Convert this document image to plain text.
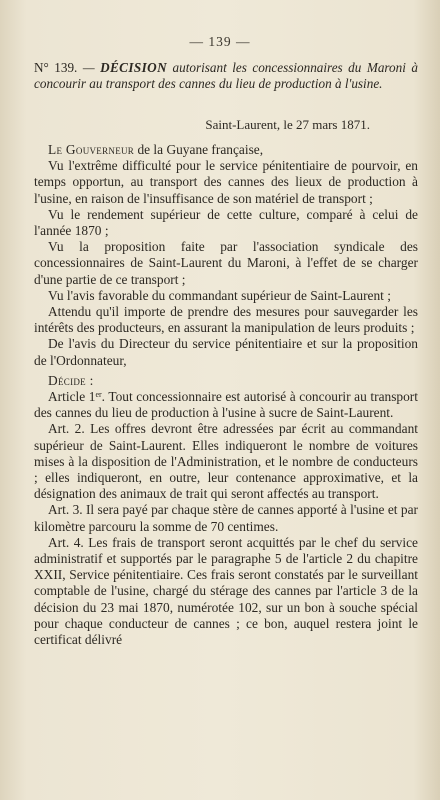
— 139 —
N° 139. — DÉCISION autorisant les concessionnaires du Maroni à concourir au transport des cannes du lieu de production à l'usine.
Saint-Laurent, le 27 mars 1871.

Le Gouverneur de la Guyane française,

Vu l'extrême difficulté pour le service pénitentiaire de pourvoir, en temps opportun, au transport des cannes des lieux de production à l'usine, en raison de l'insuffisance de son matériel de transport ;

Vu le rendement supérieur de cette culture, comparé à celui de l'année 1870 ;

Vu la proposition faite par l'association syndicale des concessionnaires de Saint-Laurent du Maroni, à l'effet de se charger d'une partie de ce transport ;

Vu l'avis favorable du commandant supérieur de Saint-Laurent ;

Attendu qu'il importe de prendre des mesures pour sauvegarder les intérêts des producteurs, en assurant la manipulation de leurs produits ;

De l'avis du Directeur du service pénitentiaire et sur la proposition de l'Ordonnateur,

Décide :

Article 1er. Tout concessionnaire est autorisé à concourir au transport des cannes du lieu de production à l'usine à sucre de Saint-Laurent.

Art. 2. Les offres devront être adressées par écrit au commandant supérieur de Saint-Laurent. Elles indiqueront le nombre de voitures mises à la disposition de l'Administration, et le nombre de conducteurs ; elles indiqueront, en outre, leur contenance approximative, et la désignation des animaux de trait qui seront affectés au transport.

Art. 3. Il sera payé par chaque stère de cannes apporté à l'usine et par kilomètre parcouru la somme de 70 centimes.

Art. 4. Les frais de transport seront acquittés par le chef du service administratif et supportés par le paragraphe 5 de l'article 2 du chapitre XXII, Service pénitentiaire. Ces frais seront constatés par le surveillant comptable de l'usine, chargé du stérage des cannes par l'article 3 de la décision du 23 mai 1870, numérotée 102, sur un bon à souche spécial pour chaque conducteur de cannes ; ce bon, auquel restera joint le certificat délivré
